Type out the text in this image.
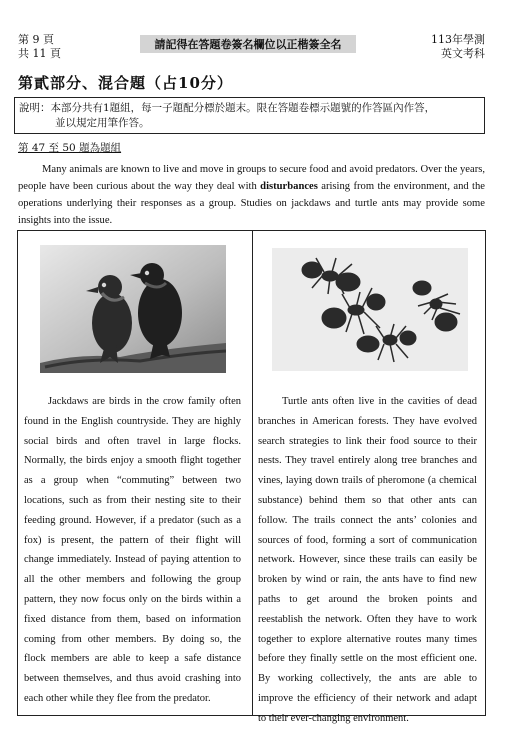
第 9 頁
共 11 頁
請記得在答題卷簽名欄位以正楷簽全名	113年學測
英文考科
第貳部分、混合題（占10分）
說明：本部分共有1題組，每一子題配分標於題末。限在答題卷標示題號的作答區內作答，
並以規定用筆作答。
第 47 至 50 題為題組
Many animals are known to live and move in groups to secure food and avoid predators. Over the years, people have been curious about the way they deal with disturbances arising from the environment, and the operations underlying their responses as a group. Studies on jackdaws and turtle ants may provide some insights into the issue.

Jackdaws are birds in the crow family often found in the English countryside. They are highly social birds and often travel in large flocks. Normally, the birds enjoy a smooth flight together as a group when “commuting” between two locations, such as from their nesting site to their feeding ground. However, if a predator (such as a fox) is present, the pattern of their flight will change immediately. Instead of paying attention to all the other members and following the group pattern, they now focus only on the birds within a fixed distance from them, based on information coming from other members. By doing so, the flock members are able to keep a safe distance between themselves, and thus avoid crashing into each other while they flee from the predator.

Turtle ants often live in the cavities of dead branches in American forests. They have evolved search strategies to link their food source to their nests. They travel entirely along tree branches and vines, laying down trails of pheromone (a chemical substance) behind them so that other ants can follow. The trails connect the ants’ colonies and sources of food, forming a sort of communication network. However, since these trails can easily be broken by wind or rain, the ants have to find new paths to get around the broken points and reestablish the network. Often they have to work together to explore alternative routes many times before they finally settle on the most efficient one. By working collectively, the ants are able to improve the efficiency of their network and adapt to their ever-changing environment.
